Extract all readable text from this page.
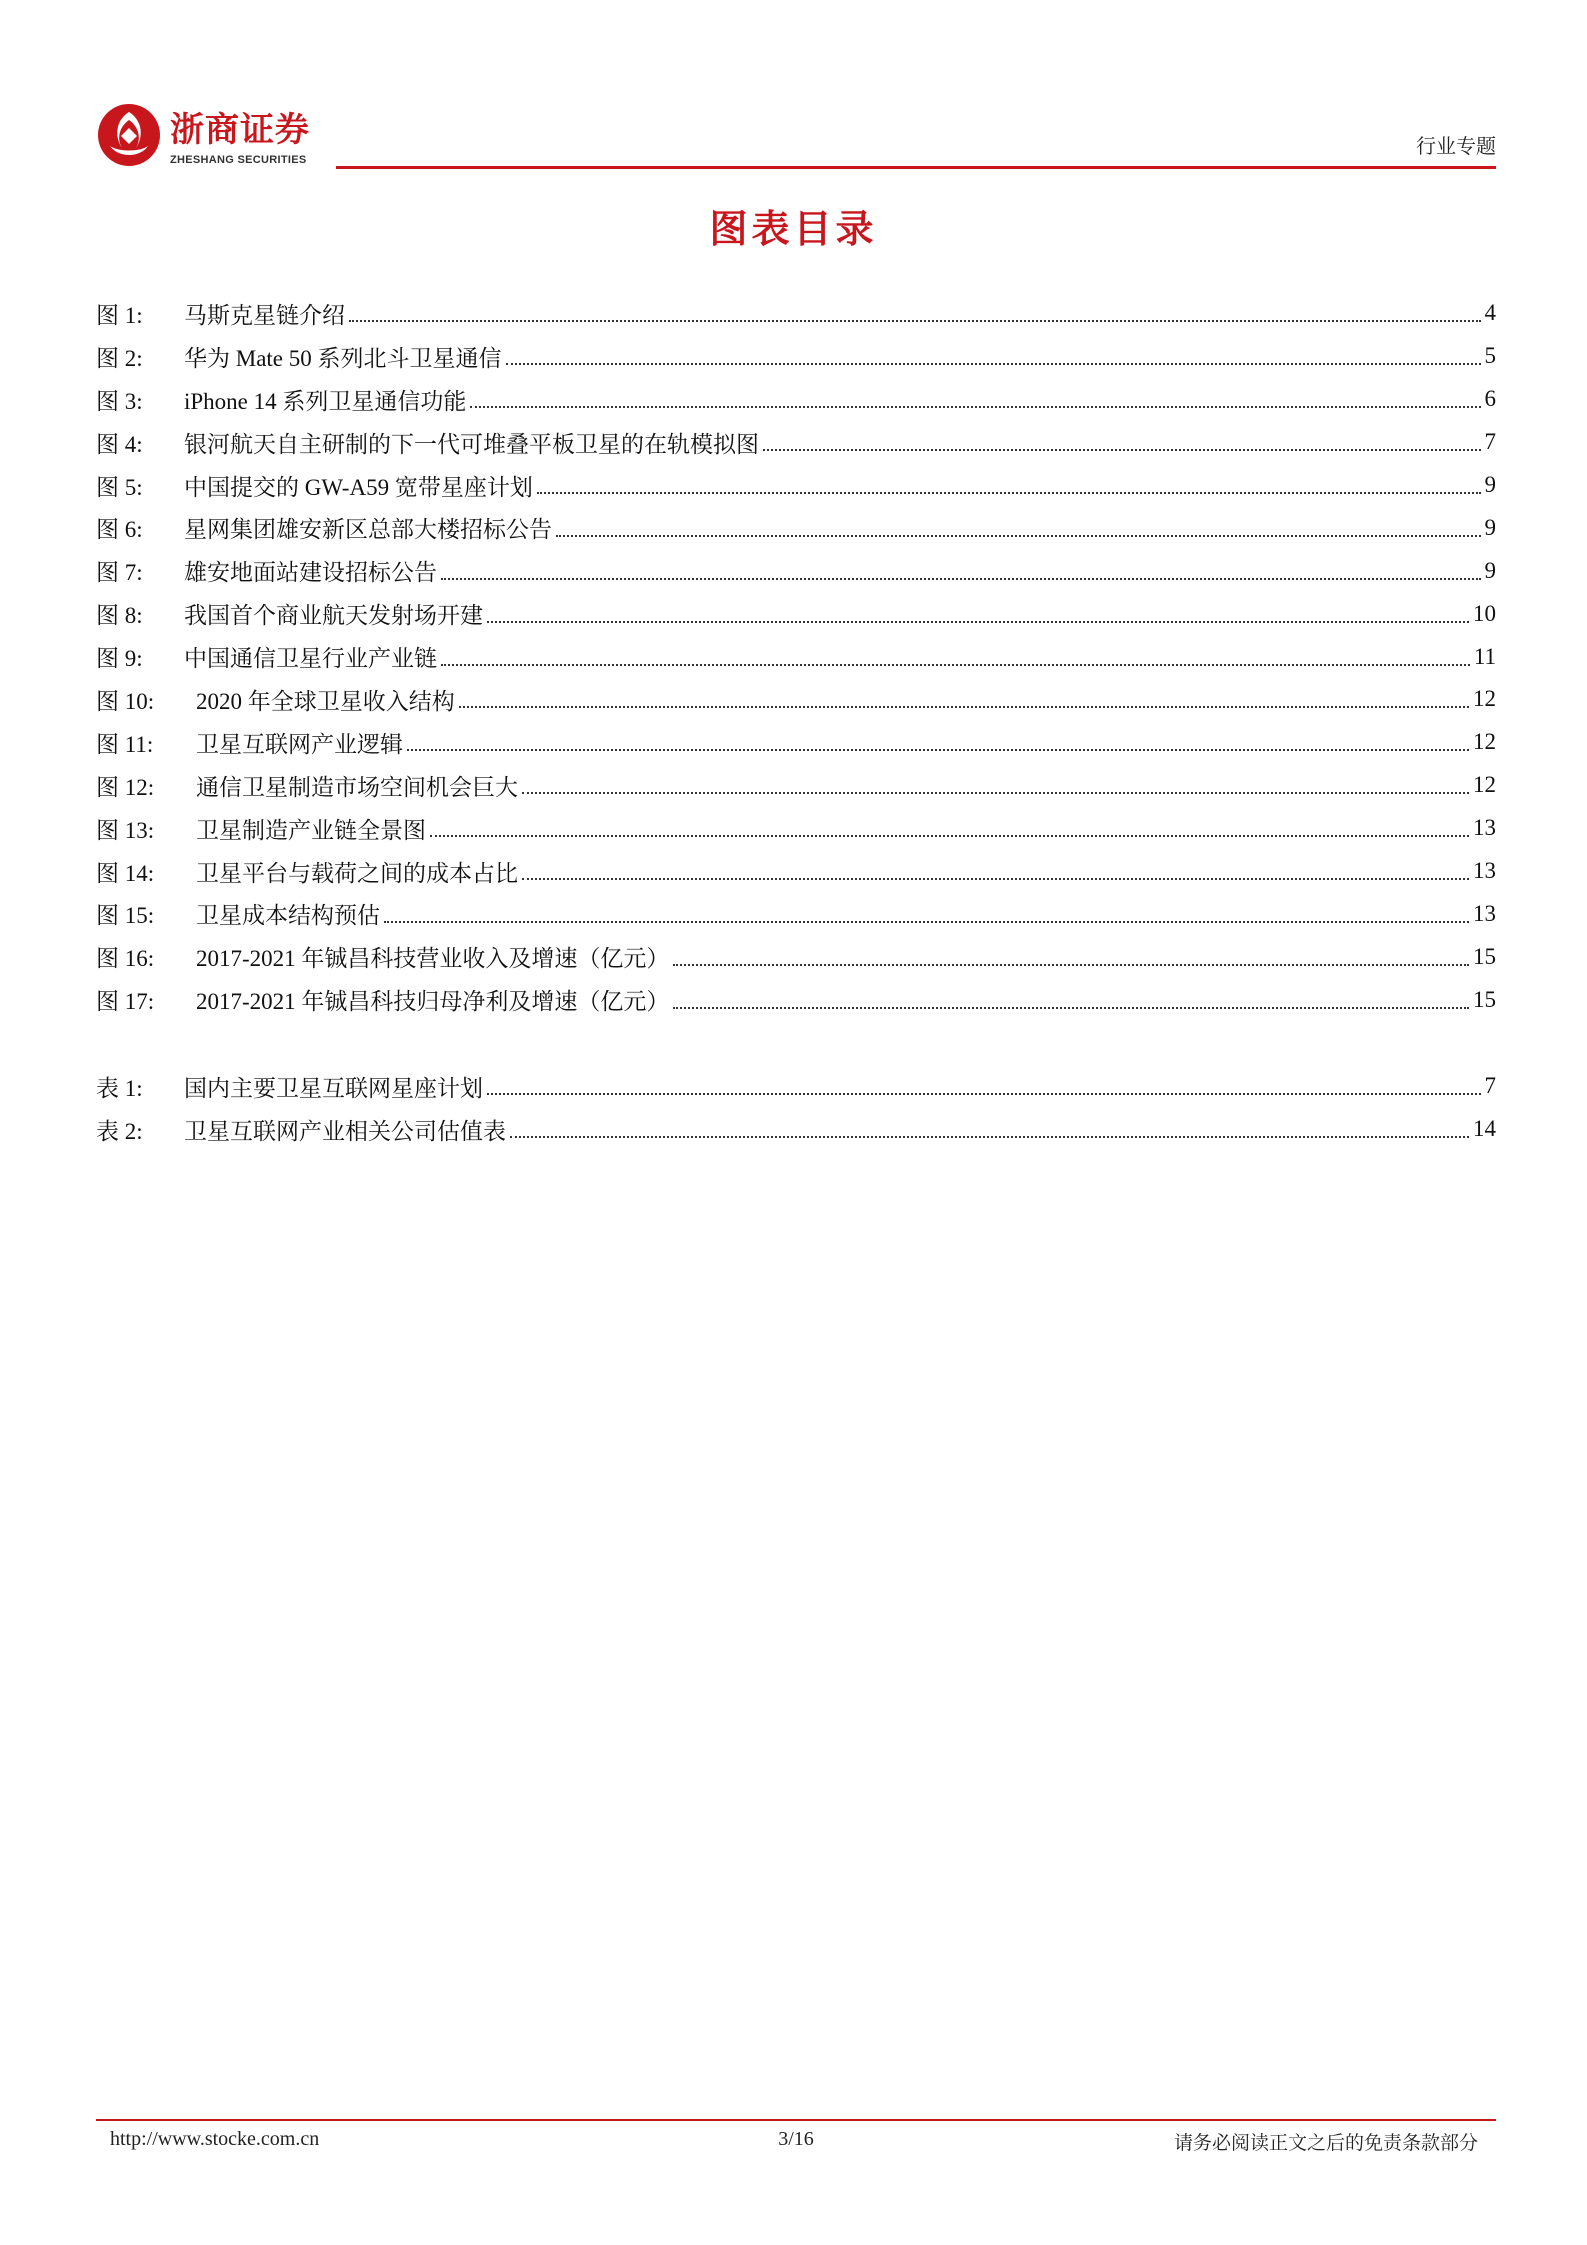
浙商证券
ZHESHANG SECURITIES
行业专题
图表目录
图 1:	马斯克星链介绍	4
图 2:	华为 Mate 50 系列北斗卫星通信	5
图 3:	iPhone 14 系列卫星通信功能	6
图 4:	银河航天自主研制的下一代可堆叠平板卫星的在轨模拟图	7
图 5:	中国提交的 GW-A59 宽带星座计划	9
图 6:	星网集团雄安新区总部大楼招标公告	9
图 7:	雄安地面站建设招标公告	9
图 8:	我国首个商业航天发射场开建	10
图 9:	中国通信卫星行业产业链	11
图 10:	2020 年全球卫星收入结构	12
图 11:	卫星互联网产业逻辑	12
图 12:	通信卫星制造市场空间机会巨大	12
图 13:	卫星制造产业链全景图	13
图 14:	卫星平台与载荷之间的成本占比	13
图 15:	卫星成本结构预估	13
图 16:	2017-2021 年铖昌科技营业收入及增速（亿元）	15
图 17:	2017-2021 年铖昌科技归母净利及增速（亿元）	15
表 1:	国内主要卫星互联网星座计划	7
表 2:	卫星互联网产业相关公司估值表	14
http://www.stocke.com.cn	3/16	请务必阅读正文之后的免责条款部分
